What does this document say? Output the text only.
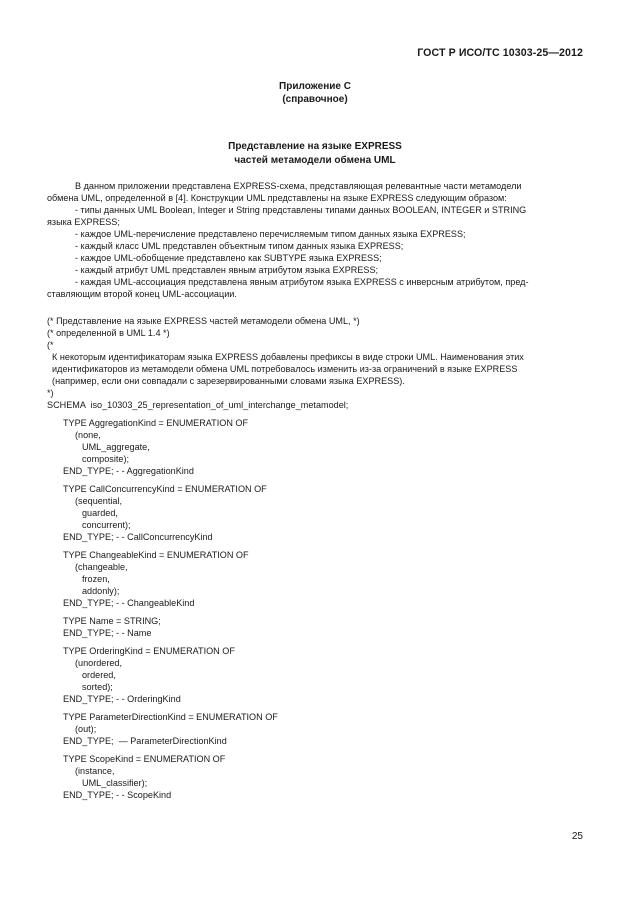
ГОСТ Р ИСО/ТС 10303-25—2012
Приложение C
(справочное)
Представление на языке EXPRESS
частей метамодели обмена UML
В данном приложении представлена EXPRESS-схема, представляющая релевантные части метамодели
обмена UML, определенной в [4]. Конструкции UML представлены на языке EXPRESS следующим образом:
- типы данных UML Boolean, Integer и String представлены типами данных BOOLEAN, INTEGER и STRING
языка EXPRESS;
- каждое UML-перечисление представлено перечисляемым типом данных языка EXPRESS;
- каждый класс UML представлен объектным типом данных языка EXPRESS;
- каждое UML-обобщение представлено как SUBTYPE языка EXPRESS;
- каждый атрибут UML представлен явным атрибутом языка EXPRESS;
- каждая UML-ассоциация представлена явным атрибутом языка EXPRESS с инверсным атрибутом, пред-
ставляющим второй конец UML-ассоциации.
(* Представление на языке EXPRESS частей метамодели обмена UML, *)
(* определенной в UML 1.4 *)
(*
К некоторым идентификаторам языка EXPRESS добавлены префиксы в виде строки UML. Наименования этих
идентификаторов из метамодели обмена UML потребовалось изменить из-за ограничений в языке EXPRESS
(например, если они совпадали с зарезервированными словами языка EXPRESS).
*)
SCHEMA  iso_10303_25_representation_of_uml_interchange_metamodel;
TYPE AggregationKind = ENUMERATION OF
(none,
UML_aggregate,
composite);
END_TYPE; - - AggregationKind
TYPE CallConcurrencyKind = ENUMERATION OF
(sequential,
guarded,
concurrent);
END_TYPE; - - CallConcurrencyKind
TYPE ChangeableKind = ENUMERATION OF
(changeable,
frozen,
addonly);
END_TYPE; - - ChangeableKind
TYPE Name = STRING;
END_TYPE; - - Name
TYPE OrderingKind = ENUMERATION OF
(unordered,
ordered,
sorted);
END_TYPE; - - OrderingKind
TYPE ParameterDirectionKind = ENUMERATION OF
(out);
END_TYPE;  — ParameterDirectionKind
TYPE ScopeKind = ENUMERATION OF
(instance,
UML_classifier);
END_TYPE; - - ScopeKind
25
